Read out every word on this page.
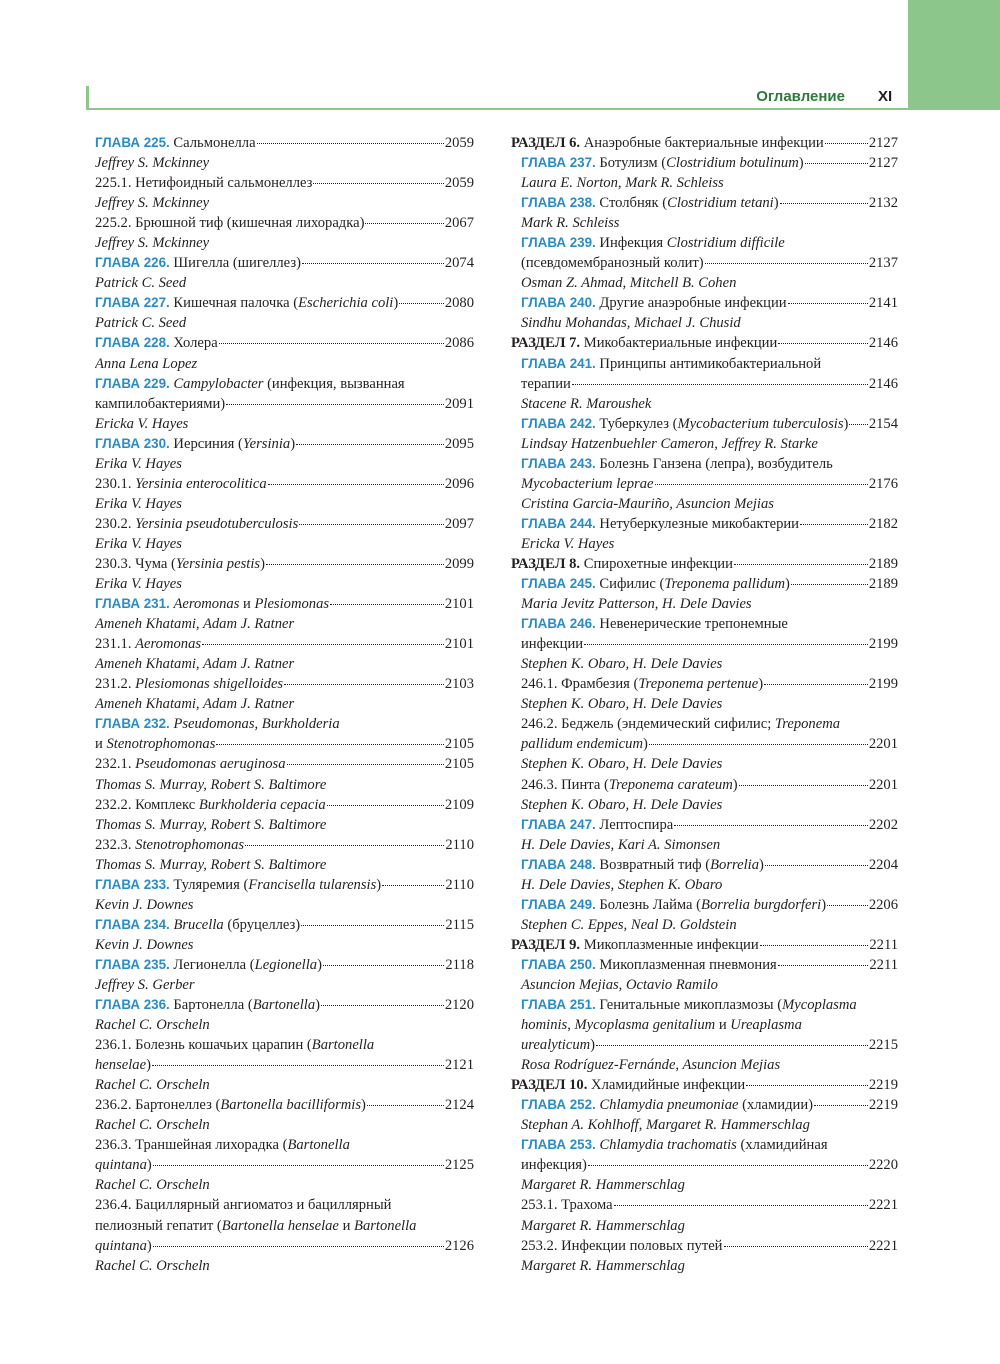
Оглавление XI
ГЛАВА 225. Сальмонелла	2059
Jeffrey S. Mckinney
225.1. Нетифоидный сальмонеллез	2059
Jeffrey S. Mckinney
225.2. Брюшной тиф (кишечная лихорадка)	2067
Jeffrey S. Mckinney
ГЛАВА 226. Шигелла (шигеллез)	2074
Patrick C. Seed
ГЛАВА 227. Кишечная палочка (Escherichia coli)	2080
Patrick C. Seed
ГЛАВА 228. Холера	2086
Anna Lena Lopez
ГЛАВА 229. Campylobacter (инфекция, вызванная
кампилобактериями)	2091
Ericka V. Hayes
ГЛАВА 230. Иерсиния (Yersinia)	2095
Erika V. Hayes
230.1. Yersinia enterocolitica	2096
Erika V. Hayes
230.2. Yersinia pseudotuberculosis	2097
Erika V. Hayes
230.3. Чума (Yersinia pestis)	2099
Erika V. Hayes
ГЛАВА 231. Aeromonas и Plesiomonas	2101
Ameneh Khatami, Adam J. Ratner
231.1. Aeromonas	2101
Ameneh Khatami, Adam J. Ratner
231.2. Plesiomonas shigelloides	2103
Ameneh Khatami, Adam J. Ratner
ГЛАВА 232. Pseudomonas, Burkholderia
и Stenotrophomonas	2105
232.1. Pseudomonas aeruginosa	2105
Thomas S. Murray, Robert S. Baltimore
232.2. Комплекс Burkholderia cepacia	2109
Thomas S. Murray, Robert S. Baltimore
232.3. Stenotrophomonas	2110
Thomas S. Murray, Robert S. Baltimore
ГЛАВА 233. Туляремия (Francisella tularensis)	2110
Kevin J. Downes
ГЛАВА 234. Brucella (бруцеллез)	2115
Kevin J. Downes
ГЛАВА 235. Легионелла (Legionella)	2118
Jeffrey S. Gerber
ГЛАВА 236. Бартонелла (Bartonella)	2120
Rachel C. Orscheln
236.1. Болезнь кошачьих царапин (Bartonella
henselae)	2121
Rachel C. Orscheln
236.2. Бартонеллез (Bartonella bacilliformis)	2124
Rachel C. Orscheln
236.3. Траншейная лихорадка (Bartonella
quintana)	2125
Rachel C. Orscheln
236.4. Бациллярный ангиоматоз и бациллярный
пелиозный гепатит (Bartonella henselae и Bartonella
quintana)	2126
Rachel C. Orscheln
РАЗДЕЛ 6. Анаэробные бактериальные инфекции	2127
ГЛАВА 237. Ботулизм (Clostridium botulinum)	2127
Laura E. Norton, Mark R. Schleiss
ГЛАВА 238. Столбняк (Clostridium tetani)	2132
Mark R. Schleiss
ГЛАВА 239. Инфекция Clostridium difficile
(псевдомембранозный колит)	2137
Osman Z. Ahmad, Mitchell B. Cohen
ГЛАВА 240. Другие анаэробные инфекции	2141
Sindhu Mohandas, Michael J. Chusid
РАЗДЕЛ 7. Микобактериальные инфекции	2146
ГЛАВА 241. Принципы антимикобактериальной
терапии	2146
Stacene R. Maroushek
ГЛАВА 242. Туберкулез (Mycobacterium tuberculosis) 2154
Lindsay Hatzenbuehler Cameron, Jeffrey R. Starke
ГЛАВА 243. Болезнь Ганзена (лепра), возбудитель
Mycobacterium leprae	2176
Cristina Garcia-Mauriño, Asuncion Mejias
ГЛАВА 244. Нетуберкулезные микобактерии	2182
Ericka V. Hayes
РАЗДЕЛ 8. Спирохетные инфекции	2189
ГЛАВА 245. Сифилис (Treponema pallidum)	2189
Maria Jevitz Patterson, H. Dele Davies
ГЛАВА 246. Невенерические трепонемные
инфекции	2199
Stephen K. Obaro, H. Dele Davies
246.1. Фрамбезия (Treponema pertenue)	2199
Stephen K. Obaro, H. Dele Davies
246.2. Беджель (эндемический сифилис; Treponema
pallidum endemicum)	2201
Stephen K. Obaro, H. Dele Davies
246.3. Пинта (Treponema carateum)	2201
Stephen K. Obaro, H. Dele Davies
ГЛАВА 247. Лептоспира	2202
H. Dele Davies, Kari A. Simonsen
ГЛАВА 248. Возвратный тиф (Borrelia)	2204
H. Dele Davies, Stephen K. Obaro
ГЛАВА 249. Болезнь Лайма (Borrelia burgdorferi)	2206
Stephen C. Eppes, Neal D. Goldstein
РАЗДЕЛ 9. Микоплазменные инфекции	2211
ГЛАВА 250. Микоплазменная пневмония	2211
Asuncion Mejias, Octavio Ramilo
ГЛАВА 251. Генитальные микоплазмозы (Mycoplasma
hominis, Mycoplasma genitalium и Ureaplasma
urealyticum)	2215
Rosa Rodríguez-Fernánde, Asuncion Mejias
РАЗДЕЛ 10. Хламидийные инфекции	2219
ГЛАВА 252. Chlamydia pneumoniae (хламидии)	2219
Stephan A. Kohlhoff, Margaret R. Hammerschlag
ГЛАВА 253. Chlamydia trachomatis (хламидийная
инфекция)	2220
Margaret R. Hammerschlag
253.1. Трахома	2221
Margaret R. Hammerschlag
253.2. Инфекции половых путей	2221
Margaret R. Hammerschlag
